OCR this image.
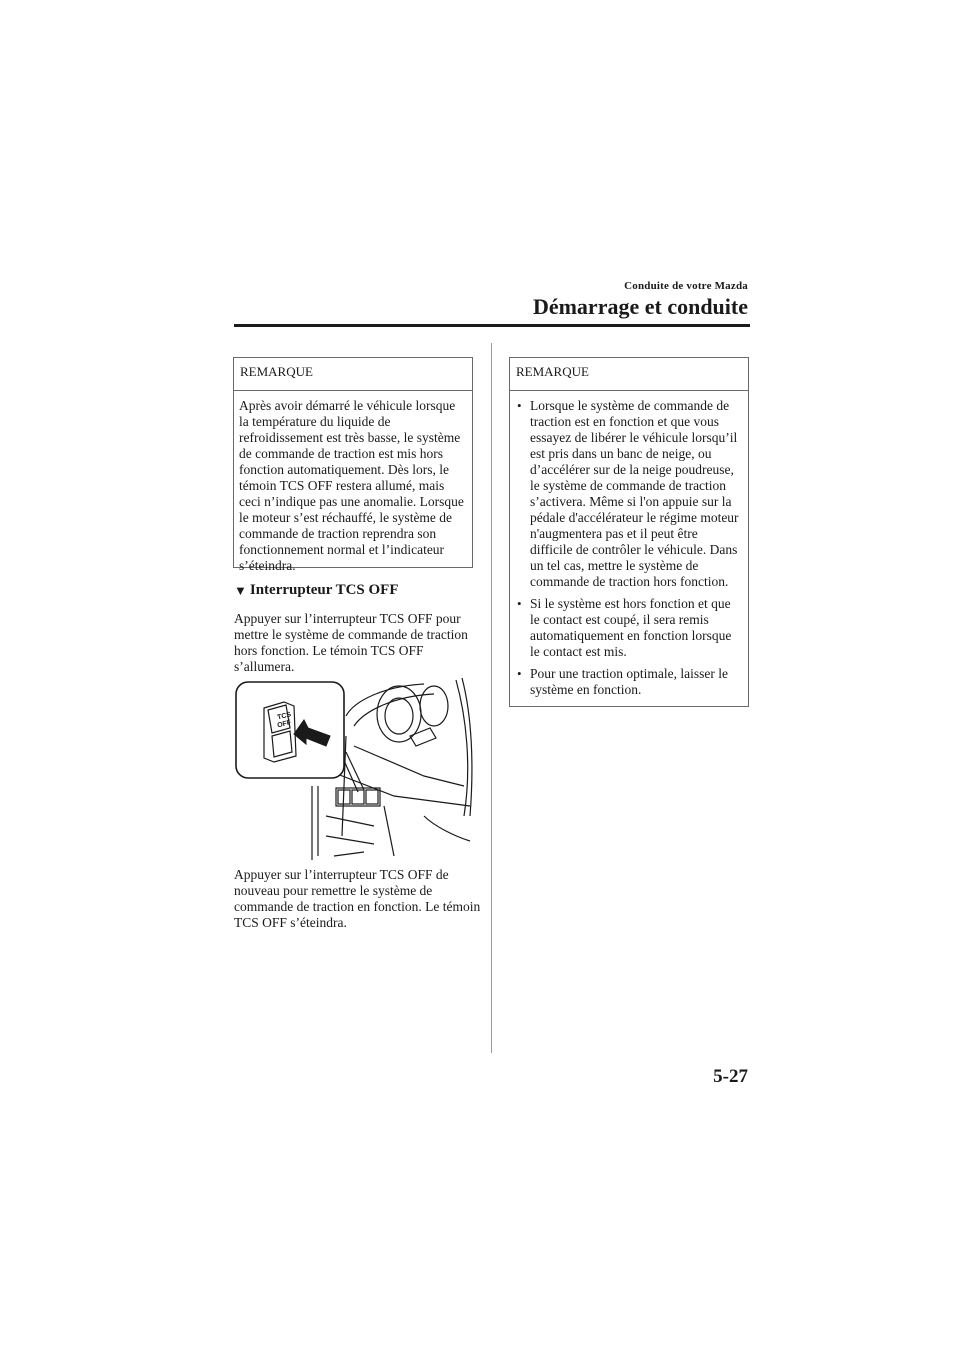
Conduite de votre Mazda
Démarrage et conduite
REMARQUE

Après avoir démarré le véhicule lorsque la température du liquide de refroidissement est très basse, le système de commande de traction est mis hors fonction automatiquement. Dès lors, le témoin TCS OFF restera allumé, mais ceci n’indique pas une anomalie. Lorsque le moteur s’est réchauffé, le système de commande de traction reprendra son fonctionnement normal et l’indicateur s’éteindra.

▼ Interrupteur TCS OFF

Appuyer sur l’interrupteur TCS OFF pour mettre le système de commande de traction hors fonction. Le témoin TCS OFF s’allumera.

TCS
OFF

Appuyer sur l’interrupteur TCS OFF de nouveau pour remettre le système de commande de traction en fonction. Le témoin TCS OFF s’éteindra.

REMARQUE
• Lorsque le système de commande de traction est en fonction et que vous essayez de libérer le véhicule lorsqu’il est pris dans un banc de neige, ou d’accélérer sur de la neige poudreuse, le système de commande de traction s’activera. Même si l'on appuie sur la pédale d'accélérateur le régime moteur n'augmentera pas et il peut être difficile de contrôler le véhicule. Dans un tel cas, mettre le système de commande de traction hors fonction.
• Si le système est hors fonction et que le contact est coupé, il sera remis automatiquement en fonction lorsque le contact est mis.
• Pour une traction optimale, laisser le système en fonction.
5-27
